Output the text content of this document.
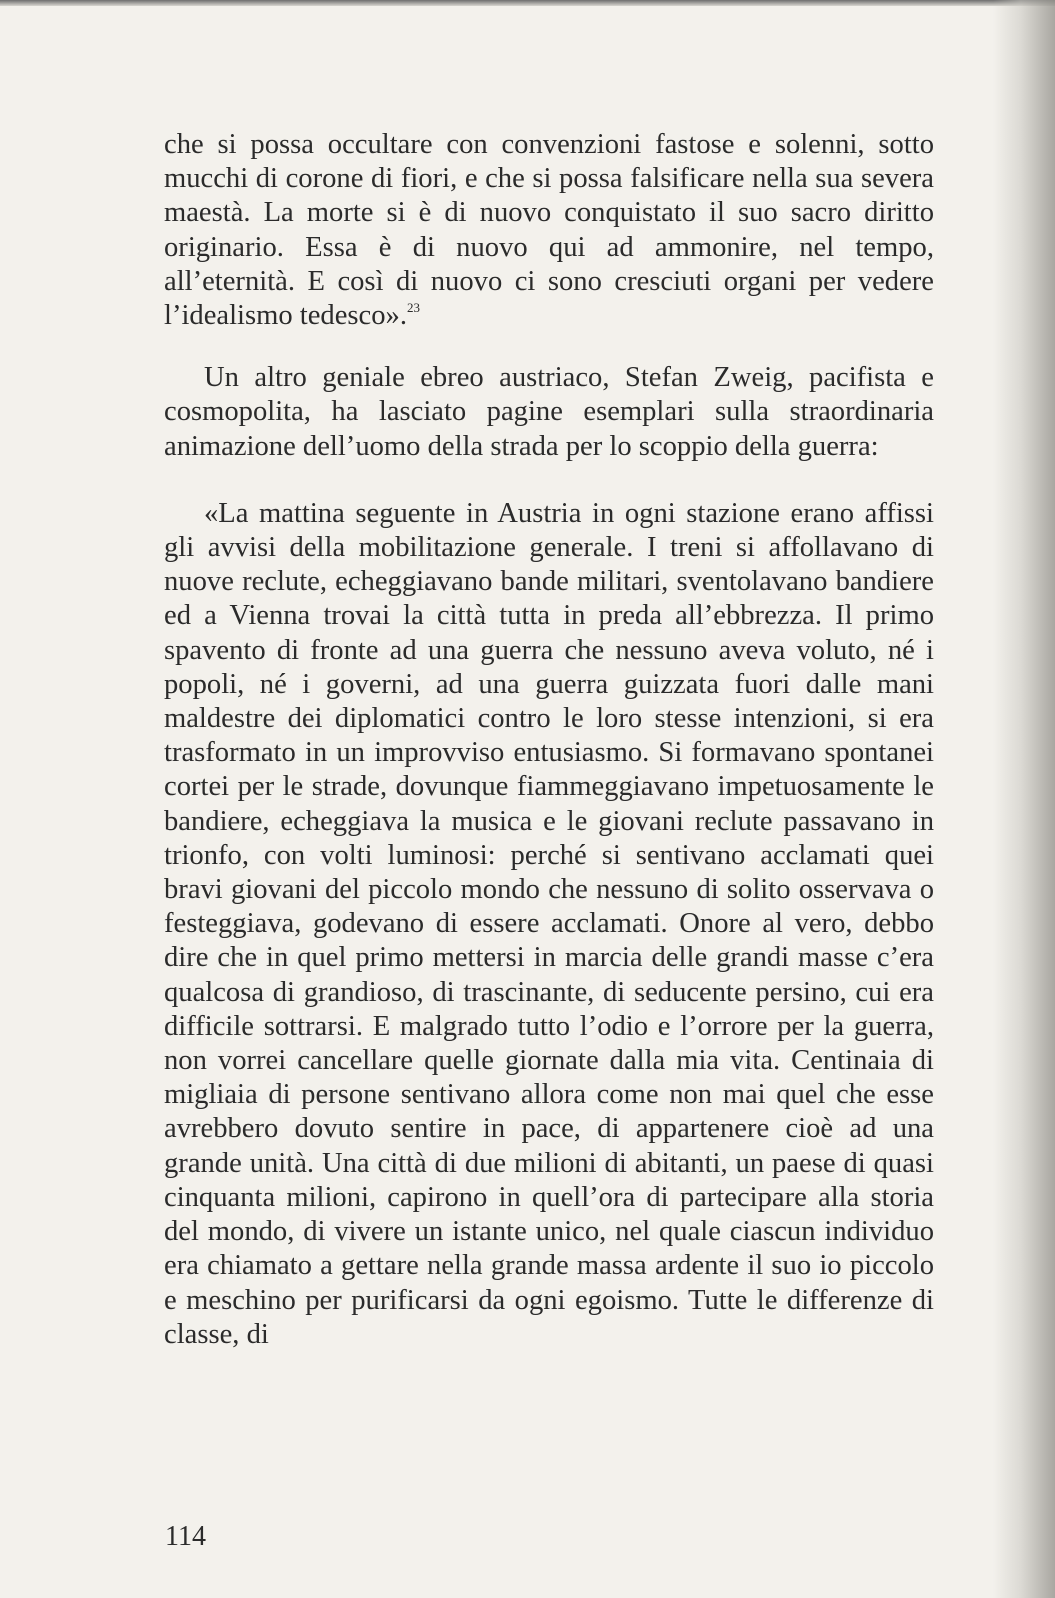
che si possa occultare con convenzioni fastose e solenni, sotto mucchi di corone di fiori, e che si possa falsificare nella sua severa maestà. La morte si è di nuovo conquistato il suo sacro diritto originario. Essa è di nuovo qui ad ammonire, nel tempo, all’eternità. E così di nuovo ci sono cresciuti organi per vedere l’idealismo tedesco».$^{23}$

Un altro geniale ebreo austriaco, Stefan Zweig, pacifista e cosmopolita, ha lasciato pagine esemplari sulla straordinaria animazione dell’uomo della strada per lo scoppio della guerra:

«La mattina seguente in Austria in ogni stazione erano affissi gli avvisi della mobilitazione generale. I treni si affollavano di nuove reclute, echeggiavano bande militari, sventolavano bandiere ed a Vienna trovai la città tutta in preda all’ebbrezza. Il primo spavento di fronte ad una guerra che nessuno aveva voluto, né i popoli, né i governi, ad una guerra guizzata fuori dalle mani maldestre dei diplomatici contro le loro stesse intenzioni, si era trasformato in un improvviso entusiasmo. Si formavano spontanei cortei per le strade, dovunque fiammeggiavano impetuosamente le bandiere, echeggiava la musica e le giovani reclute passavano in trionfo, con volti luminosi: perché si sentivano acclamati quei bravi giovani del piccolo mondo che nessuno di solito osservava o festeggiava, godevano di essere acclamati. Onore al vero, debbo dire che in quel primo mettersi in marcia delle grandi masse c’era qualcosa di grandioso, di trascinante, di seducente persino, cui era difficile sottrarsi. E malgrado tutto l’odio e l’orrore per la guerra, non vorrei cancellare quelle giornate dalla mia vita. Centinaia di migliaia di persone sentivano allora come non mai quel che esse avrebbero dovuto sentire in pace, di appartenere cioè ad una grande unità. Una città di due milioni di abitanti, un paese di quasi cinquanta milioni, capirono in quell’ora di partecipare alla storia del mondo, di vivere un istante unico, nel quale ciascun individuo era chiamato a gettare nella grande massa ardente il suo io piccolo e meschino per purificarsi da ogni egoismo. Tutte le differenze di classe, di

114
